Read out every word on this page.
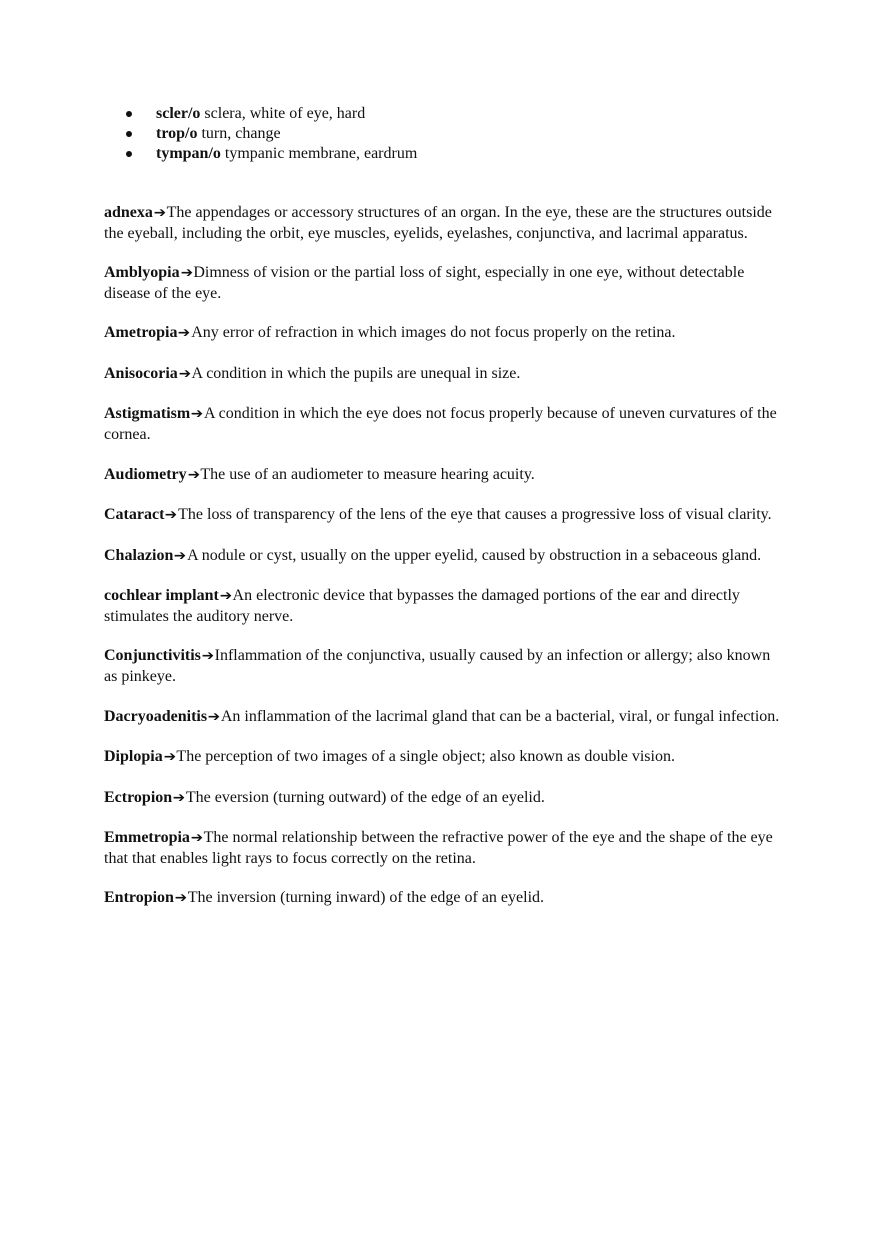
scler/o sclera, white of eye, hard
trop/o turn, change
tympan/o tympanic membrane, eardrum

adnexa➔The appendages or accessory structures of an organ. In the eye, these are the structures outside the eyeball, including the orbit, eye muscles, eyelids, eyelashes, conjunctiva, and lacrimal apparatus.

Amblyopia➔Dimness of vision or the partial loss of sight, especially in one eye, without detectable disease of the eye.

Ametropia➔Any error of refraction in which images do not focus properly on the retina.

Anisocoria➔A condition in which the pupils are unequal in size.

Astigmatism➔A condition in which the eye does not focus properly because of uneven curvatures of the cornea.

Audiometry➔The use of an audiometer to measure hearing acuity.

Cataract➔The loss of transparency of the lens of the eye that causes a progressive loss of visual clarity.

Chalazion➔A nodule or cyst, usually on the upper eyelid, caused by obstruction in a sebaceous gland.

cochlear implant➔An electronic device that bypasses the damaged portions of the ear and directly stimulates the auditory nerve.

Conjunctivitis➔Inflammation of the conjunctiva, usually caused by an infection or allergy; also known as pinkeye.

Dacryoadenitis➔An inflammation of the lacrimal gland that can be a bacterial, viral, or fungal infection.

Diplopia➔The perception of two images of a single object; also known as double vision.

Ectropion➔The eversion (turning outward) of the edge of an eyelid.

Emmetropia➔The normal relationship between the refractive power of the eye and the shape of the eye that that enables light rays to focus correctly on the retina.

Entropion➔The inversion (turning inward) of the edge of an eyelid.
